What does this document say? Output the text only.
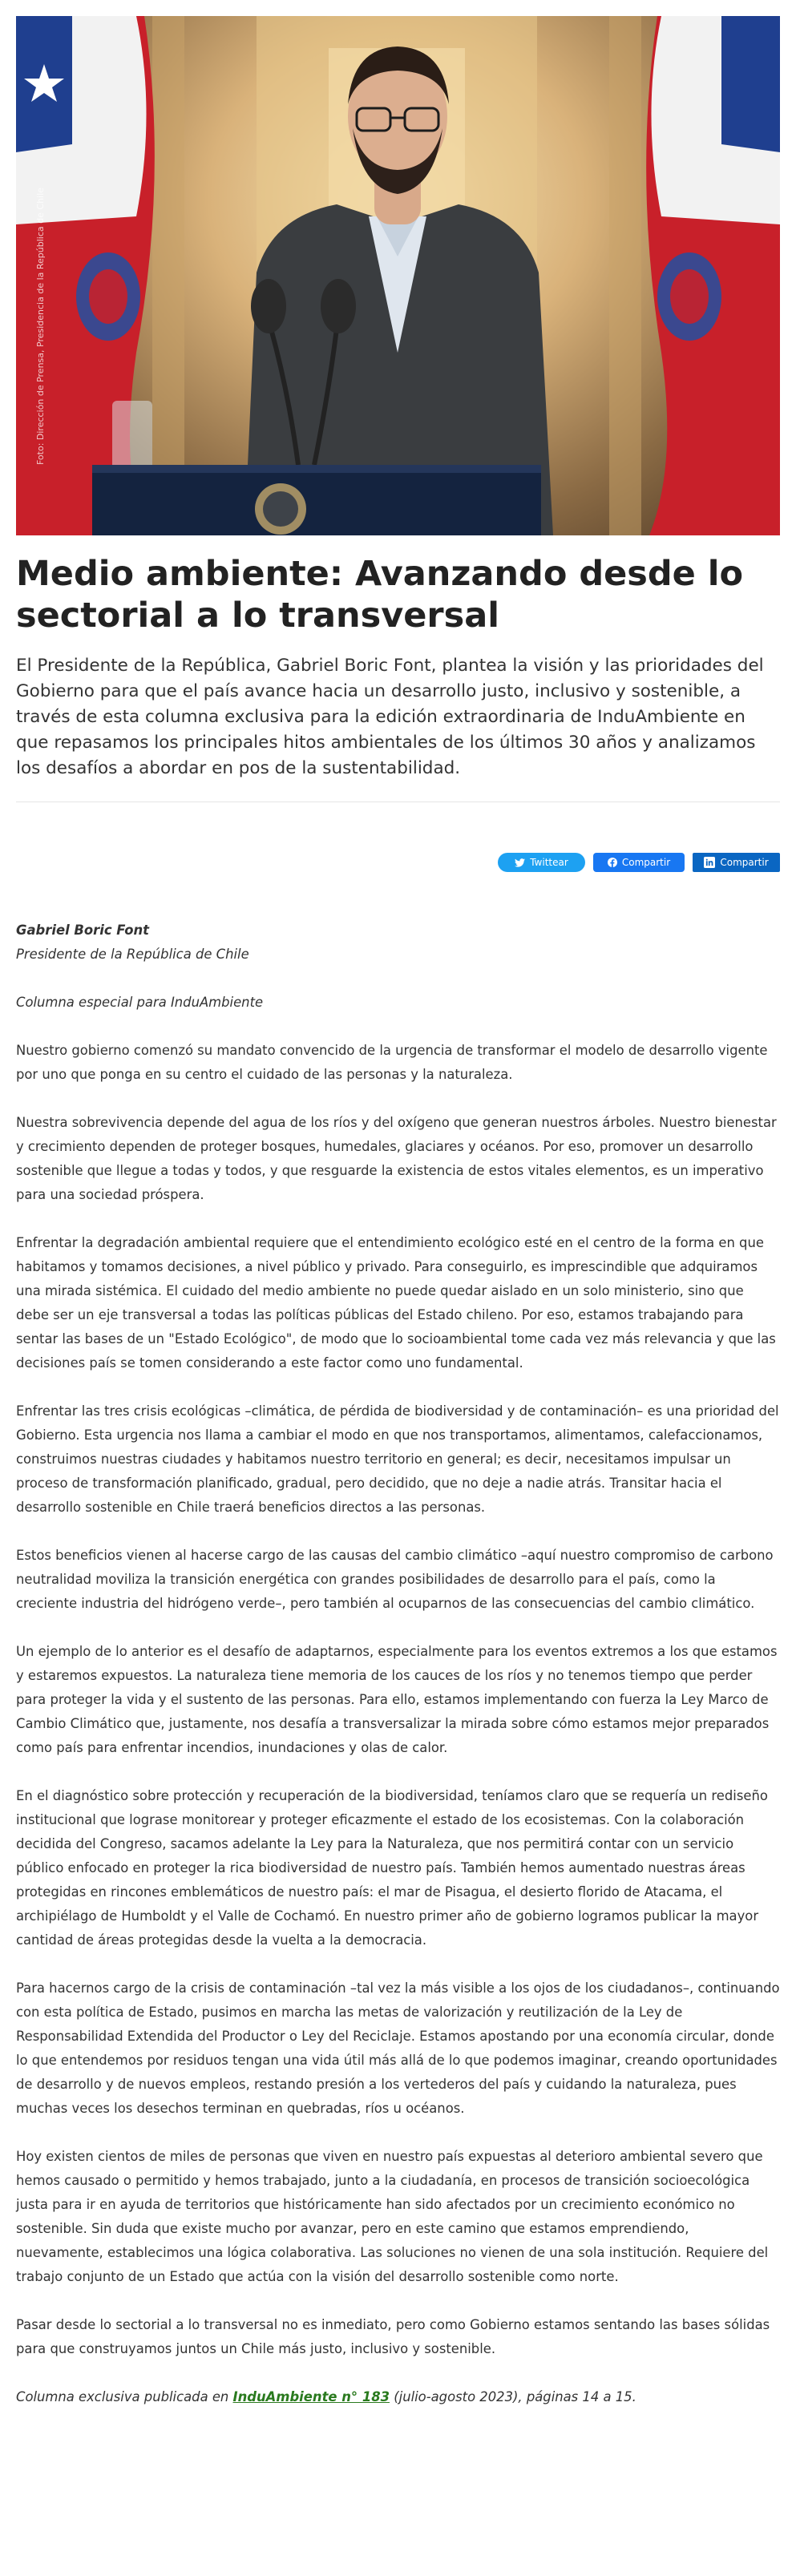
Foto: Dirección de Prensa, Presidencia de la República de Chile
Medio ambiente: Avanzando desde lo sectorial a lo transversal

El Presidente de la República, Gabriel Boric Font, plantea la visión y las prioridades del Gobierno para que el país avance hacia un desarrollo justo, inclusivo y sostenible, a través de esta columna exclusiva para la edición extraordinaria de InduAmbiente en que repasamos los principales hitos ambientales de los últimos 30 años y analizamos los desafíos a abordar en pos de la sustentabilidad.

Twittear	Compartir	Compartir
Gabriel Boric Font
Presidente de la República de Chile

Columna especial para InduAmbiente

Nuestro gobierno comenzó su mandato convencido de la urgencia de transformar el modelo de desarrollo vigente por uno que ponga en su centro el cuidado de las personas y la naturaleza.

Nuestra sobrevivencia depende del agua de los ríos y del oxígeno que generan nuestros árboles. Nuestro bienestar y crecimiento dependen de proteger bosques, humedales, glaciares y océanos. Por eso, promover un desarrollo sostenible que llegue a todas y todos, y que resguarde la existencia de estos vitales elementos, es un imperativo para una sociedad próspera.

Enfrentar la degradación ambiental requiere que el entendimiento ecológico esté en el centro de la forma en que habitamos y tomamos decisiones, a nivel público y privado. Para conseguirlo, es imprescindible que adquiramos una mirada sistémica. El cuidado del medio ambiente no puede quedar aislado en un solo ministerio, sino que debe ser un eje transversal a todas las políticas públicas del Estado chileno. Por eso, estamos trabajando para sentar las bases de un "Estado Ecológico", de modo que lo socioambiental tome cada vez más relevancia y que las decisiones país se tomen considerando a este factor como uno fundamental.

Enfrentar las tres crisis ecológicas –climática, de pérdida de biodiversidad y de contaminación– es una prioridad del Gobierno. Esta urgencia nos llama a cambiar el modo en que nos transportamos, alimentamos, calefaccionamos, construimos nuestras ciudades y habitamos nuestro territorio en general; es decir, necesitamos impulsar un proceso de transformación planificado, gradual, pero decidido, que no deje a nadie atrás. Transitar hacia el desarrollo sostenible en Chile traerá beneficios directos a las personas.

Estos beneficios vienen al hacerse cargo de las causas del cambio climático –aquí nuestro compromiso de carbono neutralidad moviliza la transición energética con grandes posibilidades de desarrollo para el país, como la creciente industria del hidrógeno verde–, pero también al ocuparnos de las consecuencias del cambio climático.

Un ejemplo de lo anterior es el desafío de adaptarnos, especialmente para los eventos extremos a los que estamos y estaremos expuestos. La naturaleza tiene memoria de los cauces de los ríos y no tenemos tiempo que perder para proteger la vida y el sustento de las personas. Para ello, estamos implementando con fuerza la Ley Marco de Cambio Climático que, justamente, nos desafía a transversalizar la mirada sobre cómo estamos mejor preparados como país para enfrentar incendios, inundaciones y olas de calor.

En el diagnóstico sobre protección y recuperación de la biodiversidad, teníamos claro que se requería un rediseño institucional que lograse monitorear y proteger eficazmente el estado de los ecosistemas. Con la colaboración decidida del Congreso, sacamos adelante la Ley para la Naturaleza, que nos permitirá contar con un servicio público enfocado en proteger la rica biodiversidad de nuestro país. También hemos aumentado nuestras áreas protegidas en rincones emblemáticos de nuestro país: el mar de Pisagua, el desierto florido de Atacama, el archipiélago de Humboldt y el Valle de Cochamó. En nuestro primer año de gobierno logramos publicar la mayor cantidad de áreas protegidas desde la vuelta a la democracia.

Para hacernos cargo de la crisis de contaminación –tal vez la más visible a los ojos de los ciudadanos–, continuando con esta política de Estado, pusimos en marcha las metas de valorización y reutilización de la Ley de Responsabilidad Extendida del Productor o Ley del Reciclaje. Estamos apostando por una economía circular, donde lo que entendemos por residuos tengan una vida útil más allá de lo que podemos imaginar, creando oportunidades de desarrollo y de nuevos empleos, restando presión a los vertederos del país y cuidando la naturaleza, pues muchas veces los desechos terminan en quebradas, ríos u océanos.

Hoy existen cientos de miles de personas que viven en nuestro país expuestas al deterioro ambiental severo que hemos causado o permitido y hemos trabajado, junto a la ciudadanía, en procesos de transición socioecológica justa para ir en ayuda de territorios que históricamente han sido afectados por un crecimiento económico no sostenible. Sin duda que existe mucho por avanzar, pero en este camino que estamos emprendiendo, nuevamente, establecimos una lógica colaborativa. Las soluciones no vienen de una sola institución. Requiere del trabajo conjunto de un Estado que actúa con la visión del desarrollo sostenible como norte.

Pasar desde lo sectorial a lo transversal no es inmediato, pero como Gobierno estamos sentando las bases sólidas para que construyamos juntos un Chile más justo, inclusivo y sostenible.

Columna exclusiva publicada en InduAmbiente n° 183 (julio-agosto 2023), páginas 14 a 15.
